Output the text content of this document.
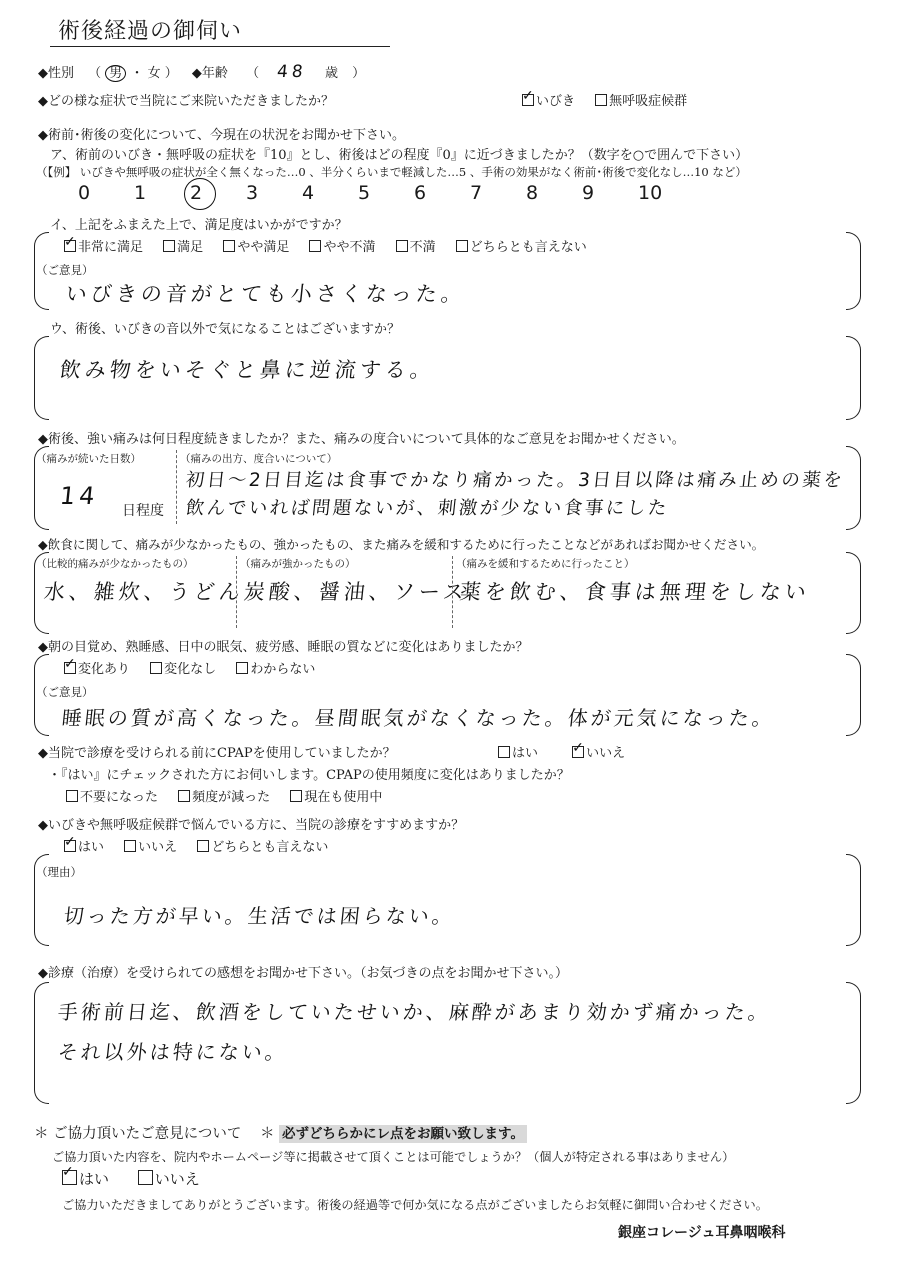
術後経過の御伺い
◆性別 （ 男 ・ 女 ） ◆年齢 （ 48 歳 ）
◆どの様な症状で当院にご来院いただきましたか？ ✓	いびき	無呼吸症候群
◆術前･術後の変化について、今現在の状況をお聞かせ下さい。
ア、術前のいびき・無呼吸の症状を『10』とし、術後はどの程度『0』に近づきましたか？（数字を○で囲んで下さい）
（【例】 いびきや無呼吸の症状が全く無くなった…0 、半分くらいまで軽減した…5 、手術の効果がなく術前･術後で変化なし…10 など）
0 1 2 3 4 5 6 7 8 9 10
イ、上記をふまえた上で、満足度はいかがですか？
✓非常に満足	満足	やや満足	やや不満	不満	どちらとも言えない
（ご意見）
いびきの音がとても小さくなった。
ウ、術後、いびきの音以外で気になることはございますか？
飲み物をいそぐと鼻に逆流する。
◆術後、強い痛みは何日程度続きましたか？また、痛みの度合いについて具体的なご意見をお聞かせください。
（痛みが続いた日数）
14
日程度
（痛みの出方、度合いについて）
初日～2日目迄は食事でかなり痛かった。3日目以降は痛み止めの薬を
飲んでいれば問題ないが、刺激が少ない食事にした
◆飲食に関して、痛みが少なかったもの、強かったもの、また痛みを緩和するために行ったことなどがあればお聞かせください。
（比較的痛みが少なかったもの）
水、雑炊、うどん
（痛みが強かったもの）
炭酸、醤油、ソース
（痛みを緩和するために行ったこと）
薬を飲む、食事は無理をしない
◆朝の目覚め、熟睡感、日中の眠気、疲労感、睡眠の質などに変化はありましたか？
✓変化あり	変化なし	わからない
（ご意見）
睡眠の質が高くなった。昼間眠気がなくなった。体が元気になった。
◆当院で診療を受けられる前にCPAPを使用していましたか？	はい ✓	いいえ
・『はい』にチェックされた方にお伺いします。CPAPの使用頻度に変化はありましたか？
不要になった	頻度が減った	現在も使用中
◆いびきや無呼吸症候群で悩んでいる方に、当院の診療をすすめますか？
✓はい	いいえ	どちらとも言えない
（理由）
切った方が早い。生活では困らない。
◆診療（治療）を受けられての感想をお聞かせ下さい。（お気づきの点をお聞かせ下さい。）
手術前日迄、飲酒をしていたせいか、麻酔があまり効かず痛かった。
それ以外は特にない。
＊ ご協力頂いたご意見について ＊ 必ずどちらかにレ点をお願い致します。
ご協力頂いた内容を、院内やホームページ等に掲載させて頂くことは可能でしょうか？（個人が特定される事はありません）
✓はい	いいえ
ご協力いただきましてありがとうございます。術後の経過等で何か気になる点がございましたらお気軽に御問い合わせください。
銀座コレージュ耳鼻咽喉科
